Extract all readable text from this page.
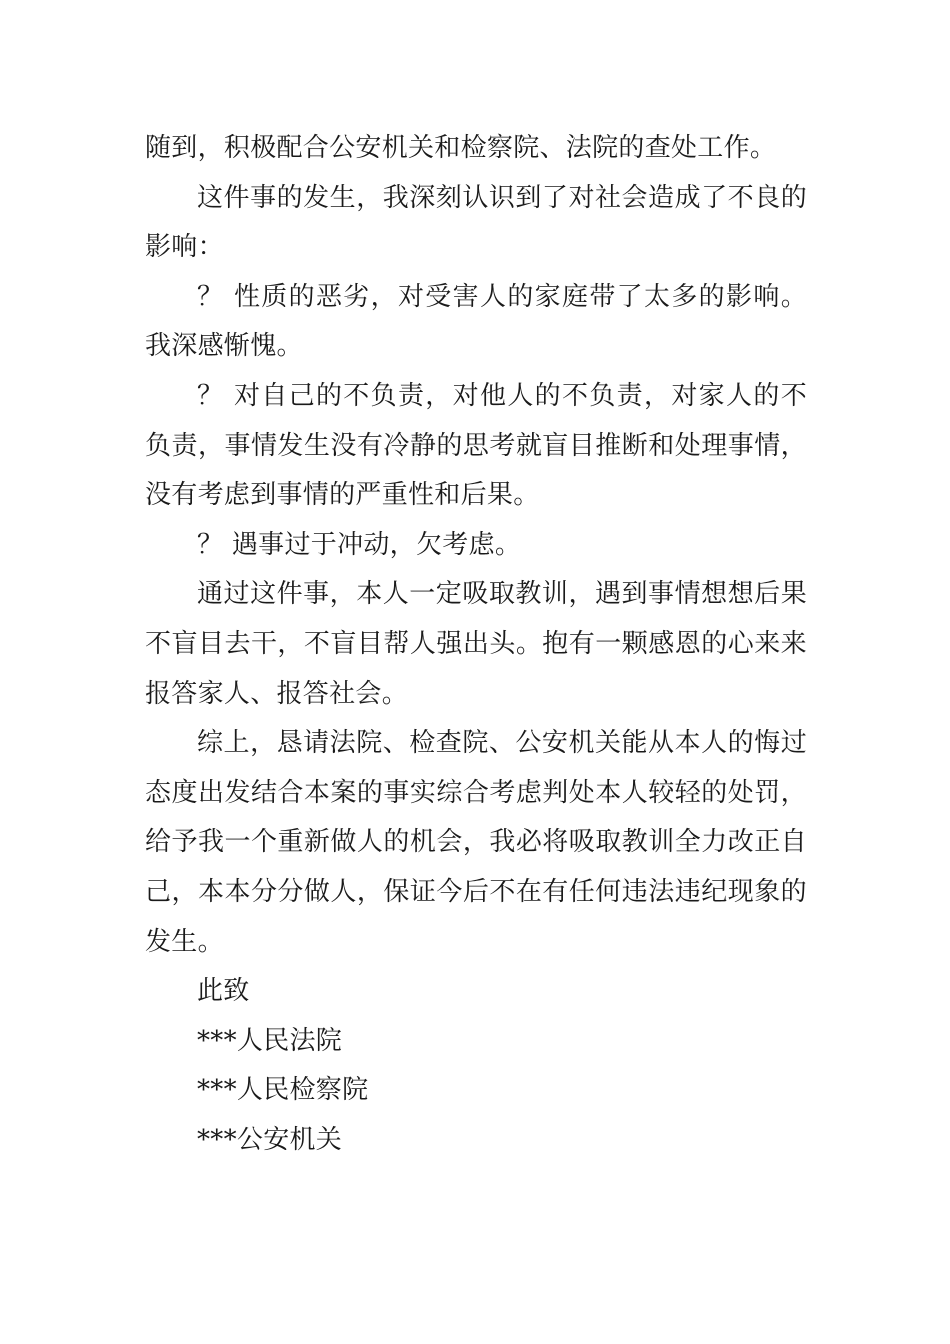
随到，积极配合公安机关和检察院、法院的查处工作。

这件事的发生，我深刻认识到了对社会造成了不良的影响：

？ 性质的恶劣，对受害人的家庭带了太多的影响。我深感惭愧。

？ 对自己的不负责，对他人的不负责，对家人的不负责，事情发生没有冷静的思考就盲目推断和处理事情，没有考虑到事情的严重性和后果。

？ 遇事过于冲动，欠考虑。

通过这件事，本人一定吸取教训，遇到事情想想后果不盲目去干，不盲目帮人强出头。抱有一颗感恩的心来来报答家人、报答社会。

综上，恳请法院、检查院、公安机关能从本人的悔过态度出发结合本案的事实综合考虑判处本人较轻的处罚，给予我一个重新做人的机会，我必将吸取教训全力改正自己，本本分分做人，保证今后不在有任何违法违纪现象的发生。

此致

***人民法院

***人民检察院

***公安机关
